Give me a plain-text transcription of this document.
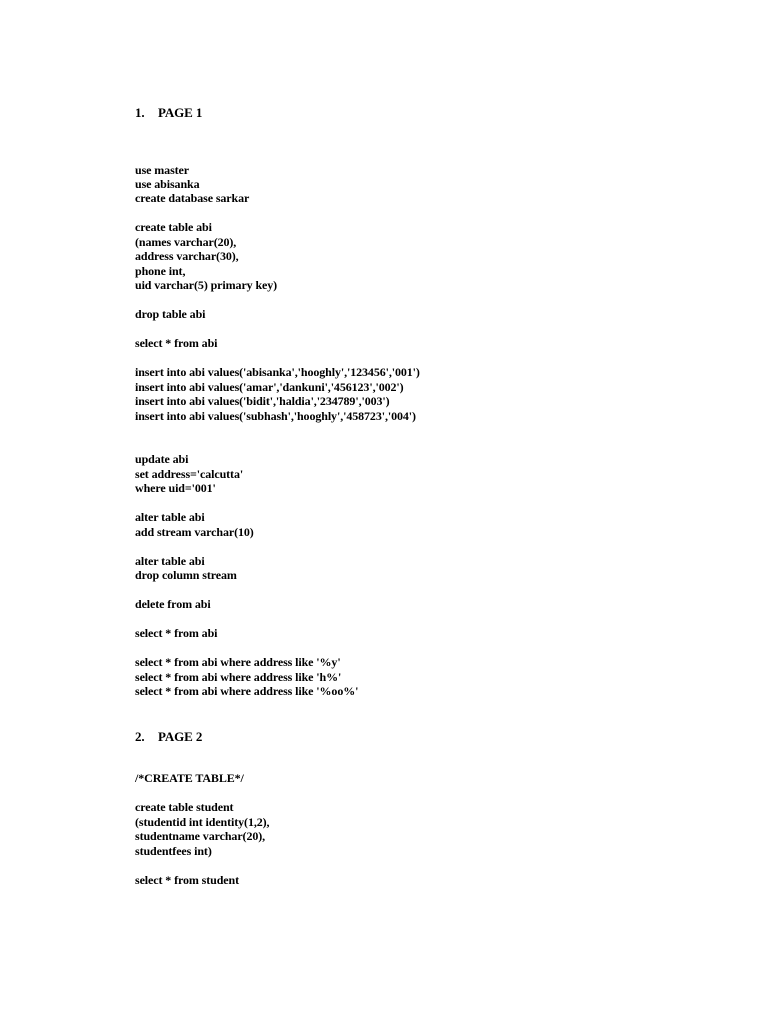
1. PAGE 1
use master
use abisanka
create database sarkar
create table abi
(names varchar(20),
address varchar(30),
phone int,
uid varchar(5) primary key)
drop table abi
select * from abi
insert into abi values('abisanka','hooghly','123456','001')
insert into abi values('amar','dankuni','456123','002')
insert into abi values('bidit','haldia','234789','003')
insert into abi values('subhash','hooghly','458723','004')
update abi
set address='calcutta'
where uid='001'
alter table abi
add stream varchar(10)
alter table abi
drop column stream
delete from abi
select * from abi
select * from abi where address like '%y'
select * from abi where address like 'h%'
select * from abi where address like '%oo%'
2. PAGE 2
/*CREATE TABLE*/
create table student
(studentid int identity(1,2),
studentname varchar(20),
studentfees int)
select * from student
